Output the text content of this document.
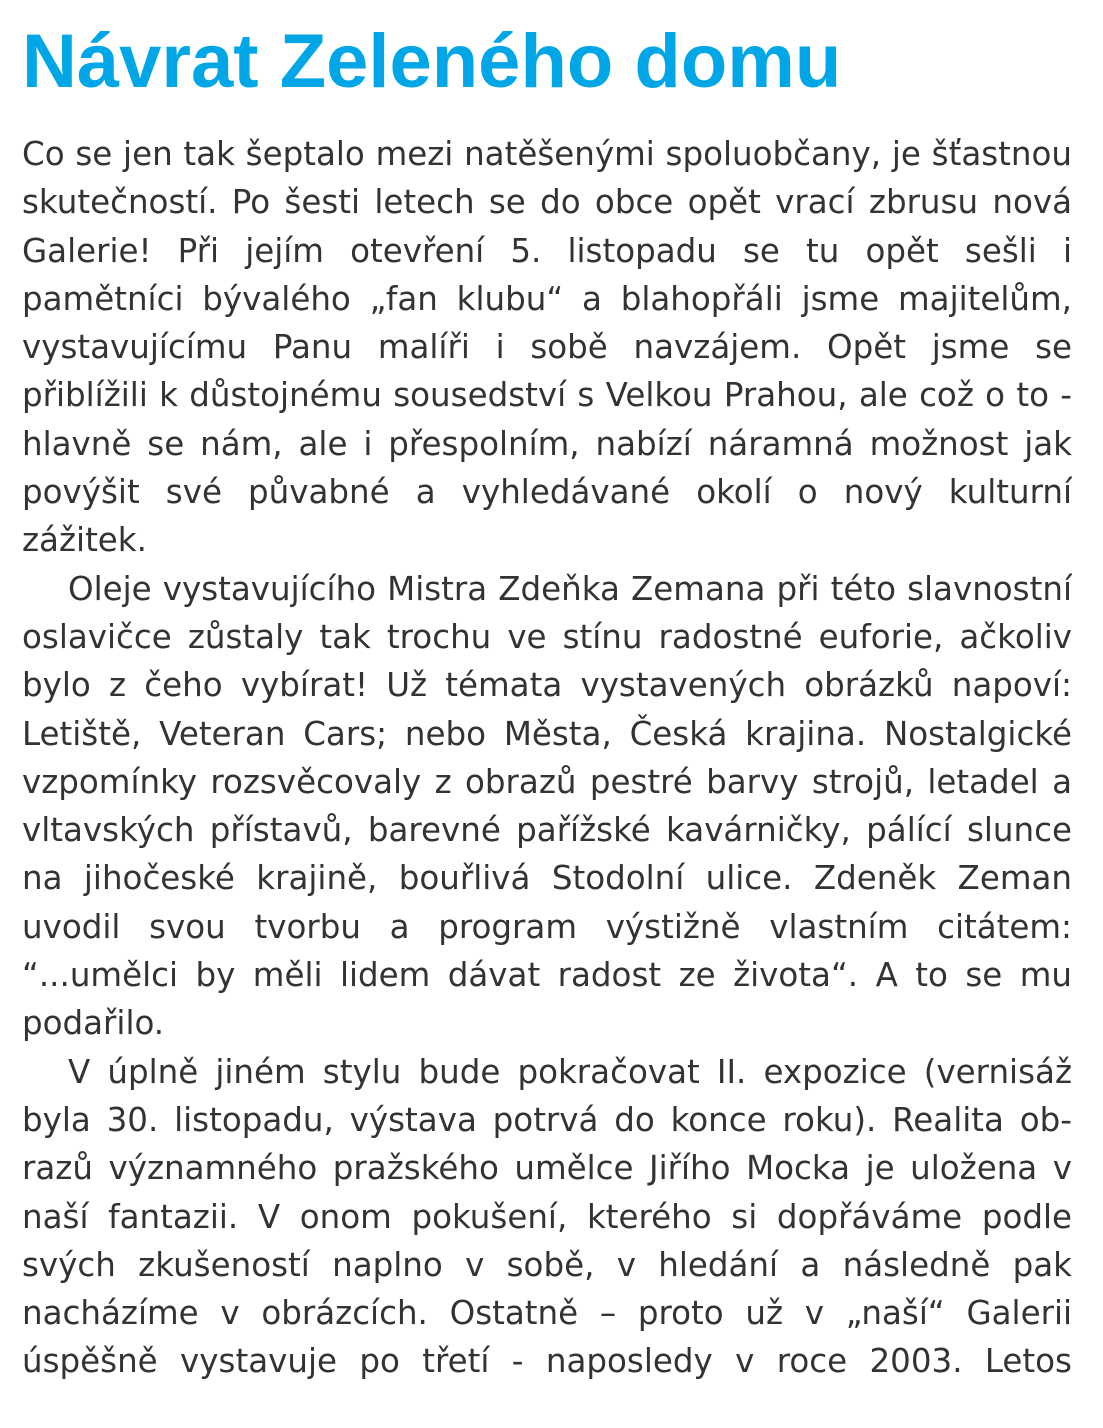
Návrat Zeleného domu

Co se jen tak šeptalo mezi natěšenými spoluobčany, je šťastnou skutečností. Po šesti letech se do obce opět vrací zbrusu nová Galerie! Při jejím otevření 5. listopadu se tu opět sešli i pamětníci bývalého „fan klubu“ a blahopřáli jsme majitelům, vystavujícímu Panu malíři i sobě navzájem. Opět jsme se přiblížili k důstojnému sousedství s Velkou Prahou, ale což o to - hlavně se nám, ale i přespolním, nabízí náramná možnost jak povýšit své půvabné a vyhledávané okolí o nový kulturní zážitek.

Oleje vystavujícího Mistra Zdeňka Zemana při této slavnostní oslavičce zůstaly tak trochu ve stínu radostné euforie, ačkoliv bylo z čeho vybírat! Už témata vystavených obrázků napoví: Letiště, Veteran Cars; nebo Města, Česká krajina. Nostalgické vzpomínky rozsvěcovaly z obrazů pestré barvy strojů, letadel a vltavských přístavů, barevné pařížské kavárničky, pálící slunce na jihočeské krajině, bouřlivá Stodolní ulice. Zdeněk Zeman uvodil svou tvorbu a program výstižně vlastním citátem: “...umělci by měli lidem dávat radost ze života“. A to se mu podařilo.

V úplně jiném stylu bude pokračovat II. expozice (vernisáž byla 30. listopadu, výstava potrvá do konce roku). Realita obrazů významného pražského umělce Jiřího Mocka je uložena v naší fantazii. V onom pokušení, kterého si dopřáváme podle svých zkušeností naplno v sobě, v hledání a následně pak nacházíme v obrázcích. Ostatně – proto už v „naší“ Galerii úspěšně vystavuje po třetí - naposledy v roce 2003. Letos
